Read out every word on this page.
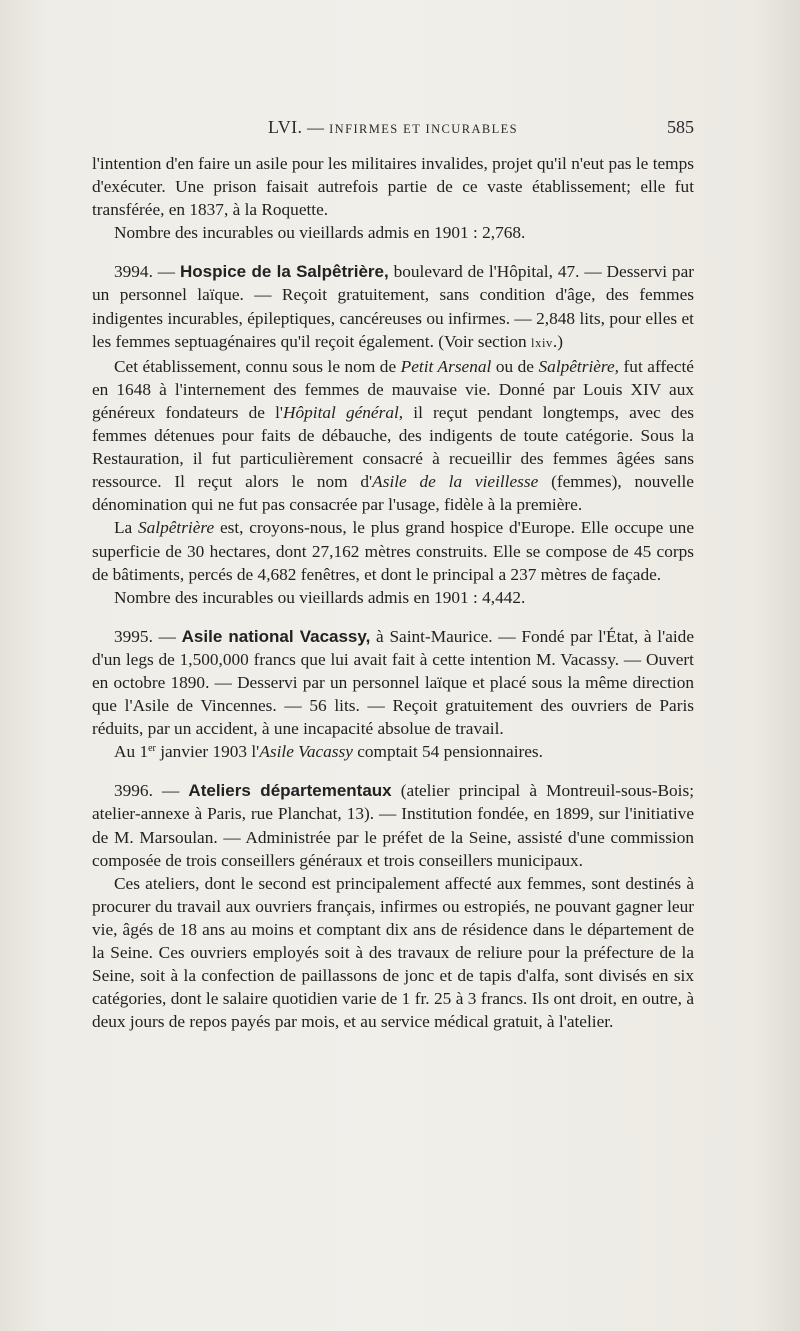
LVI. — INFIRMES ET INCURABLES	585

l'intention d'en faire un asile pour les militaires invalides, projet qu'il n'eut pas le temps d'exécuter. Une prison faisait autrefois partie de ce vaste établissement; elle fut transférée, en 1837, à la Roquette.

Nombre des incurables ou vieillards admis en 1901 : 2,768.

3994. — Hospice de la Salpêtrière, boulevard de l'Hôpital, 47. — Desservi par un personnel laïque. — Reçoit gratuitement, sans condition d'âge, des femmes indigentes incurables, épileptiques, cancéreuses ou infirmes. — 2,848 lits, pour elles et les femmes septuagénaires qu'il reçoit également. (Voir section lxiv.)

Cet établissement, connu sous le nom de Petit Arsenal ou de Salpêtrière, fut affecté en 1648 à l'internement des femmes de mauvaise vie. Donné par Louis XIV aux généreux fondateurs de l'Hôpital général, il reçut pendant longtemps, avec des femmes détenues pour faits de débauche, des indigents de toute catégorie. Sous la Restauration, il fut particulièrement consacré à recueillir des femmes âgées sans ressource. Il reçut alors le nom d'Asile de la vieillesse (femmes), nouvelle dénomination qui ne fut pas consacrée par l'usage, fidèle à la première.

La Salpêtrière est, croyons-nous, le plus grand hospice d'Europe. Elle occupe une superficie de 30 hectares, dont 27,162 mètres construits. Elle se compose de 45 corps de bâtiments, percés de 4,682 fenêtres, et dont le principal a 237 mètres de façade.

Nombre des incurables ou vieillards admis en 1901 : 4,442.

3995. — Asile national Vacassy, à Saint-Maurice. — Fondé par l'État, à l'aide d'un legs de 1,500,000 francs que lui avait fait à cette intention M. Vacassy. — Ouvert en octobre 1890. — Desservi par un personnel laïque et placé sous la même direction que l'Asile de Vincennes. — 56 lits. — Reçoit gratuitement des ouvriers de Paris réduits, par un accident, à une incapacité absolue de travail.

Au 1er janvier 1903 l'Asile Vacassy comptait 54 pensionnaires.

3996. — Ateliers départementaux (atelier principal à Montreuil-sous-Bois; atelier-annexe à Paris, rue Planchat, 13). — Institution fondée, en 1899, sur l'initiative de M. Marsoulan. — Administrée par le préfet de la Seine, assisté d'une commission composée de trois conseillers généraux et trois conseillers municipaux.

Ces ateliers, dont le second est principalement affecté aux femmes, sont destinés à procurer du travail aux ouvriers français, infirmes ou estropiés, ne pouvant gagner leur vie, âgés de 18 ans au moins et comptant dix ans de résidence dans le département de la Seine. Ces ouvriers employés soit à des travaux de reliure pour la préfecture de la Seine, soit à la confection de paillassons de jonc et de tapis d'alfa, sont divisés en six catégories, dont le salaire quotidien varie de 1 fr. 25 à 3 francs. Ils ont droit, en outre, à deux jours de repos payés par mois, et au service médical gratuit, à l'atelier.
